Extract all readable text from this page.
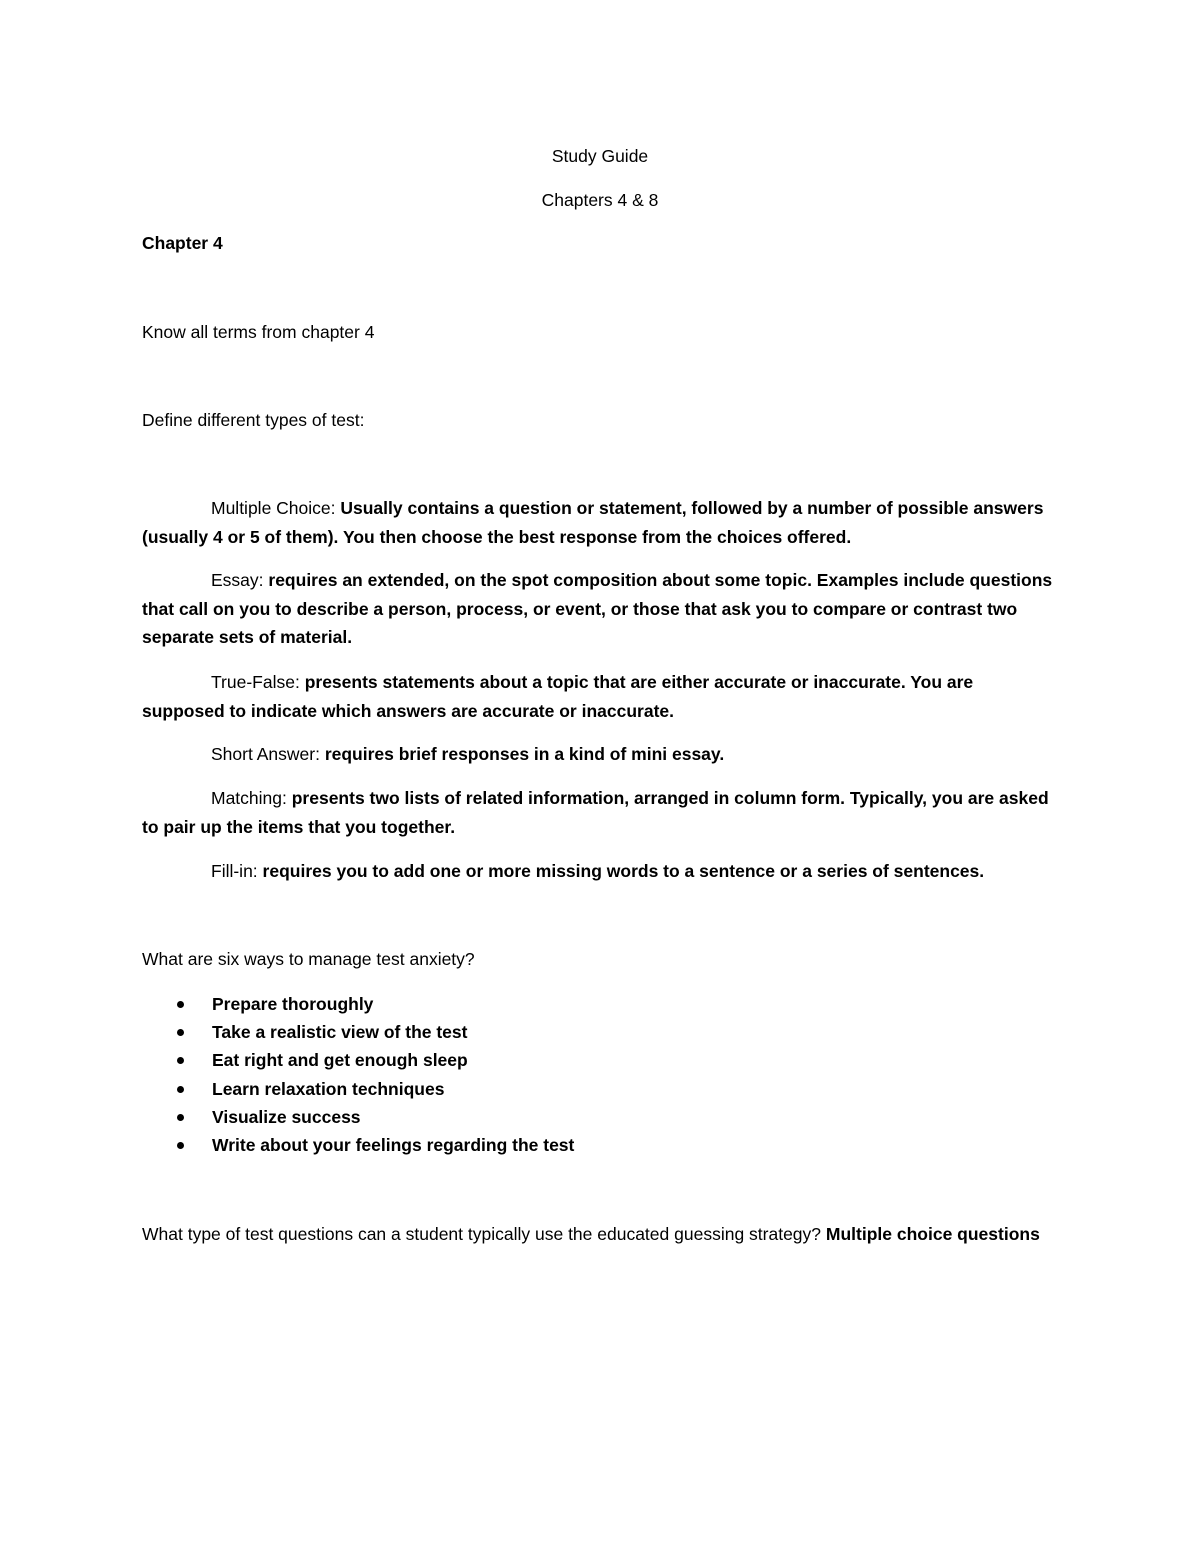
Study Guide
Chapters 4 & 8
Chapter 4
Know all terms from chapter 4
Define different types of test:
Multiple Choice: Usually contains a question or statement, followed by a number of possible answers (usually 4 or 5 of them). You then choose the best response from the choices offered.
Essay: requires an extended, on the spot composition about some topic. Examples include questions that call on you to describe a person, process, or event, or those that ask you to compare or contrast two separate sets of material.
True-False: presents statements about a topic that are either accurate or inaccurate. You are supposed to indicate which answers are accurate or inaccurate.
Short Answer: requires brief responses in a kind of mini essay.
Matching: presents two lists of related information, arranged in column form. Typically, you are asked to pair up the items that you together.
Fill-in: requires you to add one or more missing words to a sentence or a series of sentences.
What are six ways to manage test anxiety?
Prepare thoroughly
Take a realistic view of the test
Eat right and get enough sleep
Learn relaxation techniques
Visualize success
Write about your feelings regarding the test
What type of test questions can a student typically use the educated guessing strategy? Multiple choice questions
